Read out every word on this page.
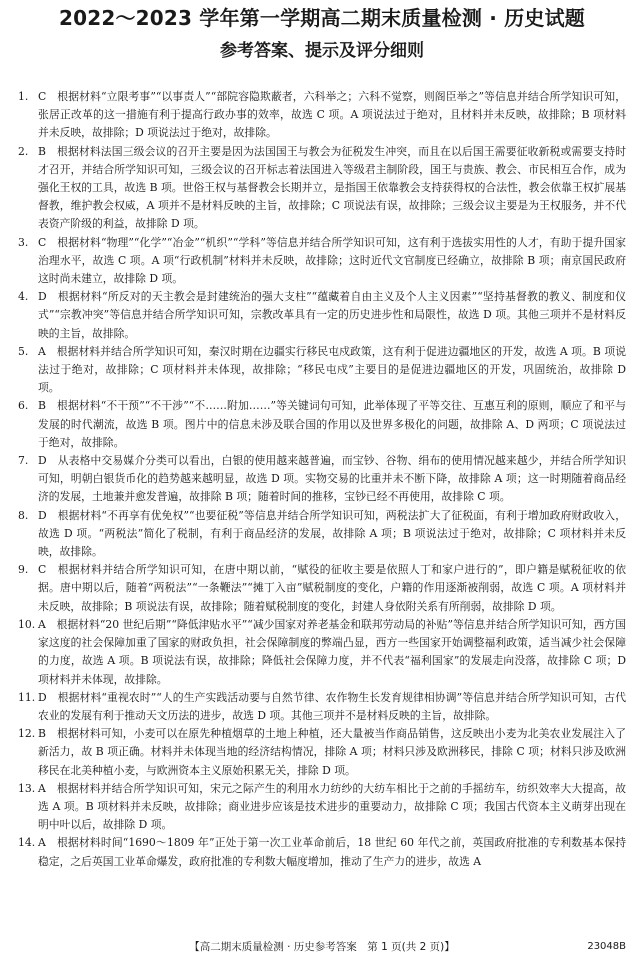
2022～2023 学年第一学期高二期末质量检测 · 历史试题
参考答案、提示及评分细则
1. C　根据材料“立限考事”“以事责人”“部院容隐欺蔽者，六科举之；六科不觉察，则阁臣举之”等信息并结合所学知识可知，张居正改革的这一措施有利于提高行政办事的效率，故选 C 项。A 项说法过于绝对，且材料并未反映，故排除；B 项材料并未反映，故排除；D 项说法过于绝对，故排除。
2. B　根据材料法国三级会议的召开主要是因为法国国王与教会为征税发生冲突，而且在以后国王需要征收新税或需要支持时才召开，并结合所学知识可知，三级会议的召开标志着法国进入等级君主制阶段，国王与贵族、教会、市民相互合作，成为强化王权的工具，故选 B 项。世俗王权与基督教会长期并立，是指国王依靠教会支持获得权的合法性，教会依靠王权扩展基督教，维护教会权威，A 项并不是材料反映的主旨，故排除；C 项说法有误，故排除；三级会议主要是为王权服务，并不代表资产阶级的利益，故排除 D 项。
3. C　根据材料“物理”“化学”“冶金”“机织”“学科”等信息并结合所学知识可知，这有利于选拔实用性的人才，有助于提升国家治理水平，故选 C 项。A 项“行政机制”材料并未反映，故排除；这时近代文官制度已经确立，故排除 B 项；南京国民政府这时尚未建立，故排除 D 项。
4. D　根据材料“所反对的天主教会是封建统治的强大支柱”“蕴藏着自由主义及个人主义因素”“坚持基督教的教义、制度和仪式”“宗教冲突”等信息并结合所学知识可知，宗教改革具有一定的历史进步性和局限性，故选 D 项。其他三项并不是材料反映的主旨，故排除。
5. A　根据材料并结合所学知识可知，秦汉时期在边疆实行移民屯戍政策，这有利于促进边疆地区的开发，故选 A 项。B 项说法过于绝对，故排除；C 项材料并未体现，故排除；“移民屯戍”主要目的是促进边疆地区的开发，巩固统治，故排除 D 项。
6. B　根据材料“不干预”“不干涉”“不……附加……”等关键词句可知，此举体现了平等交往、互惠互利的原则，顺应了和平与发展的时代潮流，故选 B 项。图片中的信息未涉及联合国的作用以及世界多极化的问题，故排除 A、D 两项；C 项说法过于绝对，故排除。
7. D　从表格中交易媒介分类可以看出，白银的使用越来越普遍，而宝钞、谷物、绢布的使用情况越来越少，并结合所学知识可知，明朝白银货币化的趋势越来越明显，故选 D 项。实物交易的比重并未不断下降，故排除 A 项；这一时期随着商品经济的发展，土地兼并愈发普遍，故排除 B 项；随着时间的推移，宝钞已经不再使用，故排除 C 项。
8. D　根据材料“不再享有优免权”“也要征税”等信息并结合所学知识可知，两税法扩大了征税面，有利于增加政府财政收入，故选 D 项。“两税法”简化了税制，有利于商品经济的发展，故排除 A 项；B 项说法过于绝对，故排除；C 项材料并未反映，故排除。
9. C　根据材料并结合所学知识可知，在唐中期以前，“赋役的征收主要是依照人丁和家户进行的”，即户籍是赋税征收的依据。唐中期以后，随着“两税法”“一条鞭法”“摊丁入亩”赋税制度的变化，户籍的作用逐渐被削弱，故选 C 项。A 项材料并未反映，故排除；B 项说法有误，故排除；随着赋税制度的变化，封建人身依附关系有所削弱，故排除 D 项。
10. A　根据材料“20 世纪后期”“降低津贴水平”“减少国家对养老基金和联邦劳动局的补贴”等信息并结合所学知识可知，西方国家这度的社会保障加重了国家的财政负担，社会保障制度的弊端凸显，西方一些国家开始调整福利政策，适当减少社会保障的力度，故选 A 项。B 项说法有误，故排除；降低社会保障力度，并不代表“福利国家”的发展走向没落，故排除 C 项；D 项材料并未体现，故排除。
11. D　根据材料“重视农时”“人的生产实践活动要与自然节律、农作物生长发育规律相协调”等信息并结合所学知识可知，古代农业的发展有利于推动天文历法的进步，故选 D 项。其他三项并不是材料反映的主旨，故排除。
12. B　根据材料可知，小麦可以在原先种植烟草的土地上种植，还大量被当作商品销售，这反映出小麦为北美农业发展注入了新活力，故 B 项正确。材料并未体现当地的经济结构情况，排除 A 项；材料只涉及欧洲移民，排除 C 项；材料只涉及欧洲移民在北美种植小麦，与欧洲资本主义原始积累无关，排除 D 项。
13. A　根据材料并结合所学知识可知，宋元之际产生的利用水力纺纱的大纺车相比于之前的手摇纺车，纺织效率大大提高，故选 A 项。B 项材料并未反映，故排除；商业进步应该是技术进步的重要动力，故排除 C 项；我国古代资本主义萌芽出现在明中叶以后，故排除 D 项。
14. A　根据材料时间“1690～1809 年”正处于第一次工业革命前后，18 世纪 60 年代之前，英国政府批准的专利数基本保持稳定，之后英国工业革命爆发，政府批准的专利数大幅度增加，推动了生产力的进步，故选 A
【高二期末质量检测 · 历史参考答案　第 1 页(共 2 页)】	23048B
